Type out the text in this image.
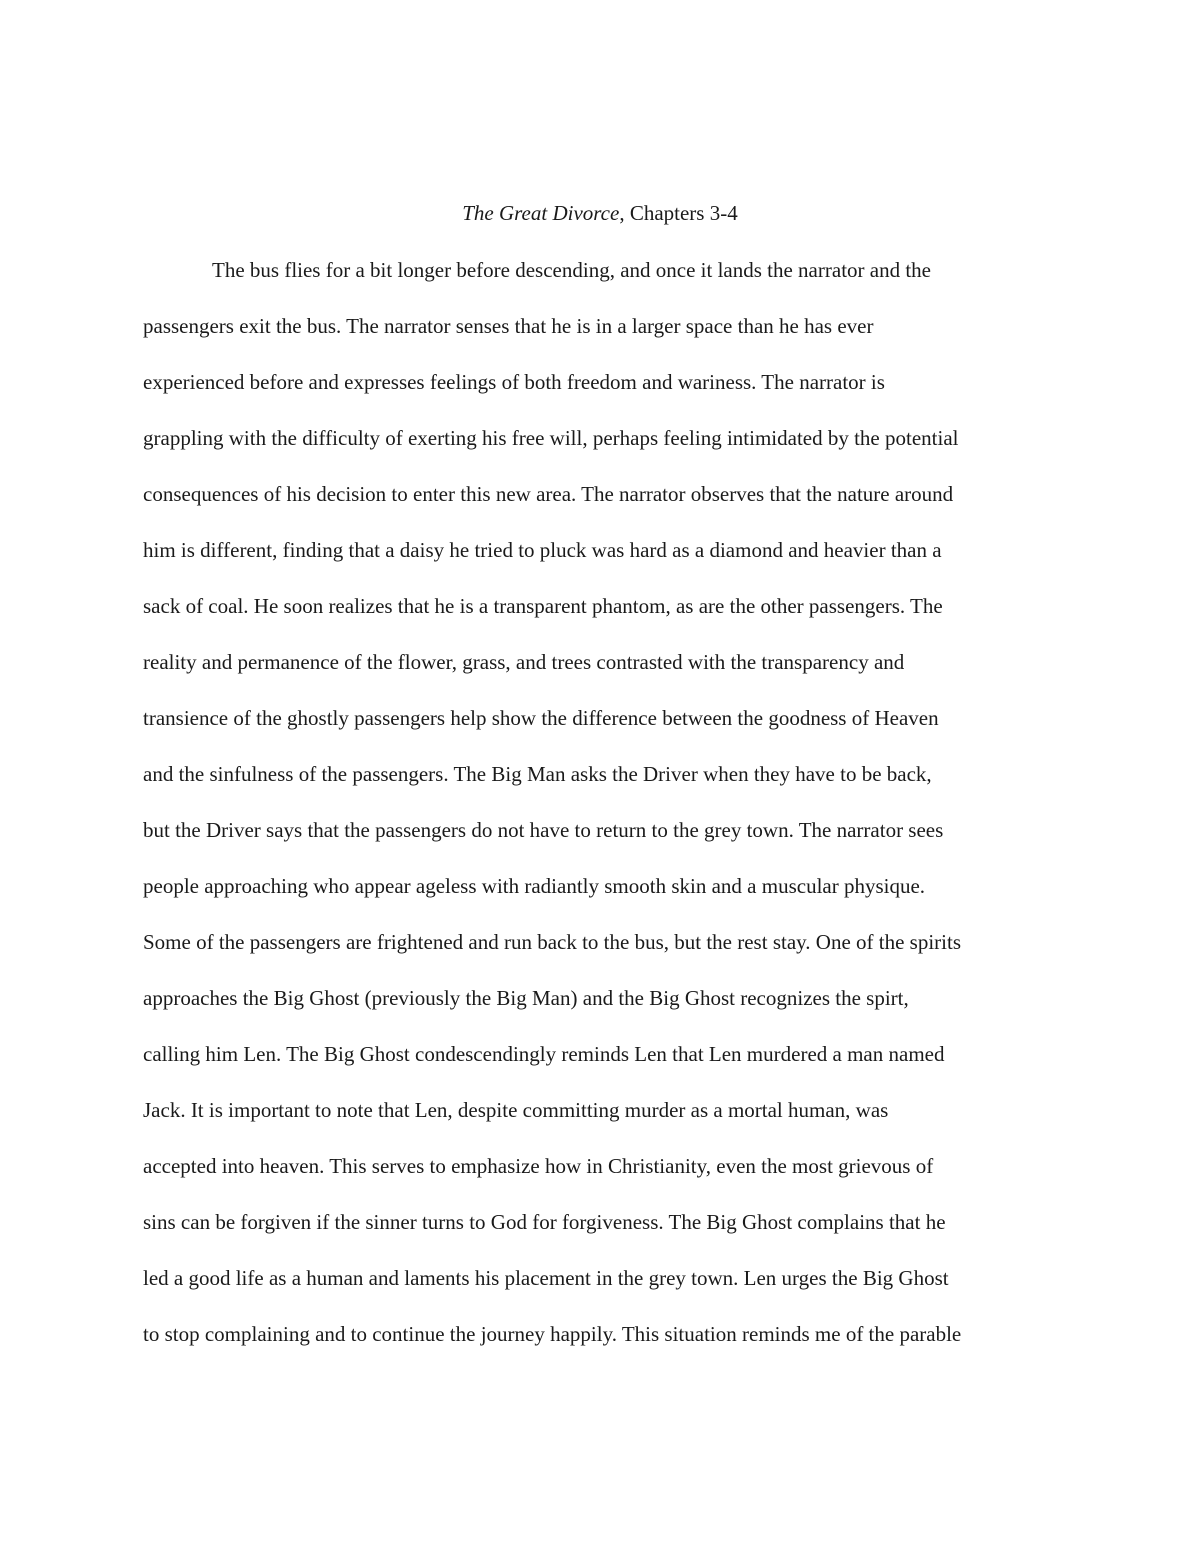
The Great Divorce, Chapters 3-4
The bus flies for a bit longer before descending, and once it lands the narrator and the
passengers exit the bus. The narrator senses that he is in a larger space than he has ever
experienced before and expresses feelings of both freedom and wariness. The narrator is
grappling with the difficulty of exerting his free will, perhaps feeling intimidated by the potential
consequences of his decision to enter this new area. The narrator observes that the nature around
him is different, finding that a daisy he tried to pluck was hard as a diamond and heavier than a
sack of coal. He soon realizes that he is a transparent phantom, as are the other passengers. The
reality and permanence of the flower, grass, and trees contrasted with the transparency and
transience of the ghostly passengers help show the difference between the goodness of Heaven
and the sinfulness of the passengers. The Big Man asks the Driver when they have to be back,
but the Driver says that the passengers do not have to return to the grey town. The narrator sees
people approaching who appear ageless with radiantly smooth skin and a muscular physique.
Some of the passengers are frightened and run back to the bus, but the rest stay. One of the spirits
approaches the Big Ghost (previously the Big Man) and the Big Ghost recognizes the spirt,
calling him Len. The Big Ghost condescendingly reminds Len that Len murdered a man named
Jack. It is important to note that Len, despite committing murder as a mortal human, was
accepted into heaven. This serves to emphasize how in Christianity, even the most grievous of
sins can be forgiven if the sinner turns to God for forgiveness. The Big Ghost complains that he
led a good life as a human and laments his placement in the grey town. Len urges the Big Ghost
to stop complaining and to continue the journey happily. This situation reminds me of the parable
